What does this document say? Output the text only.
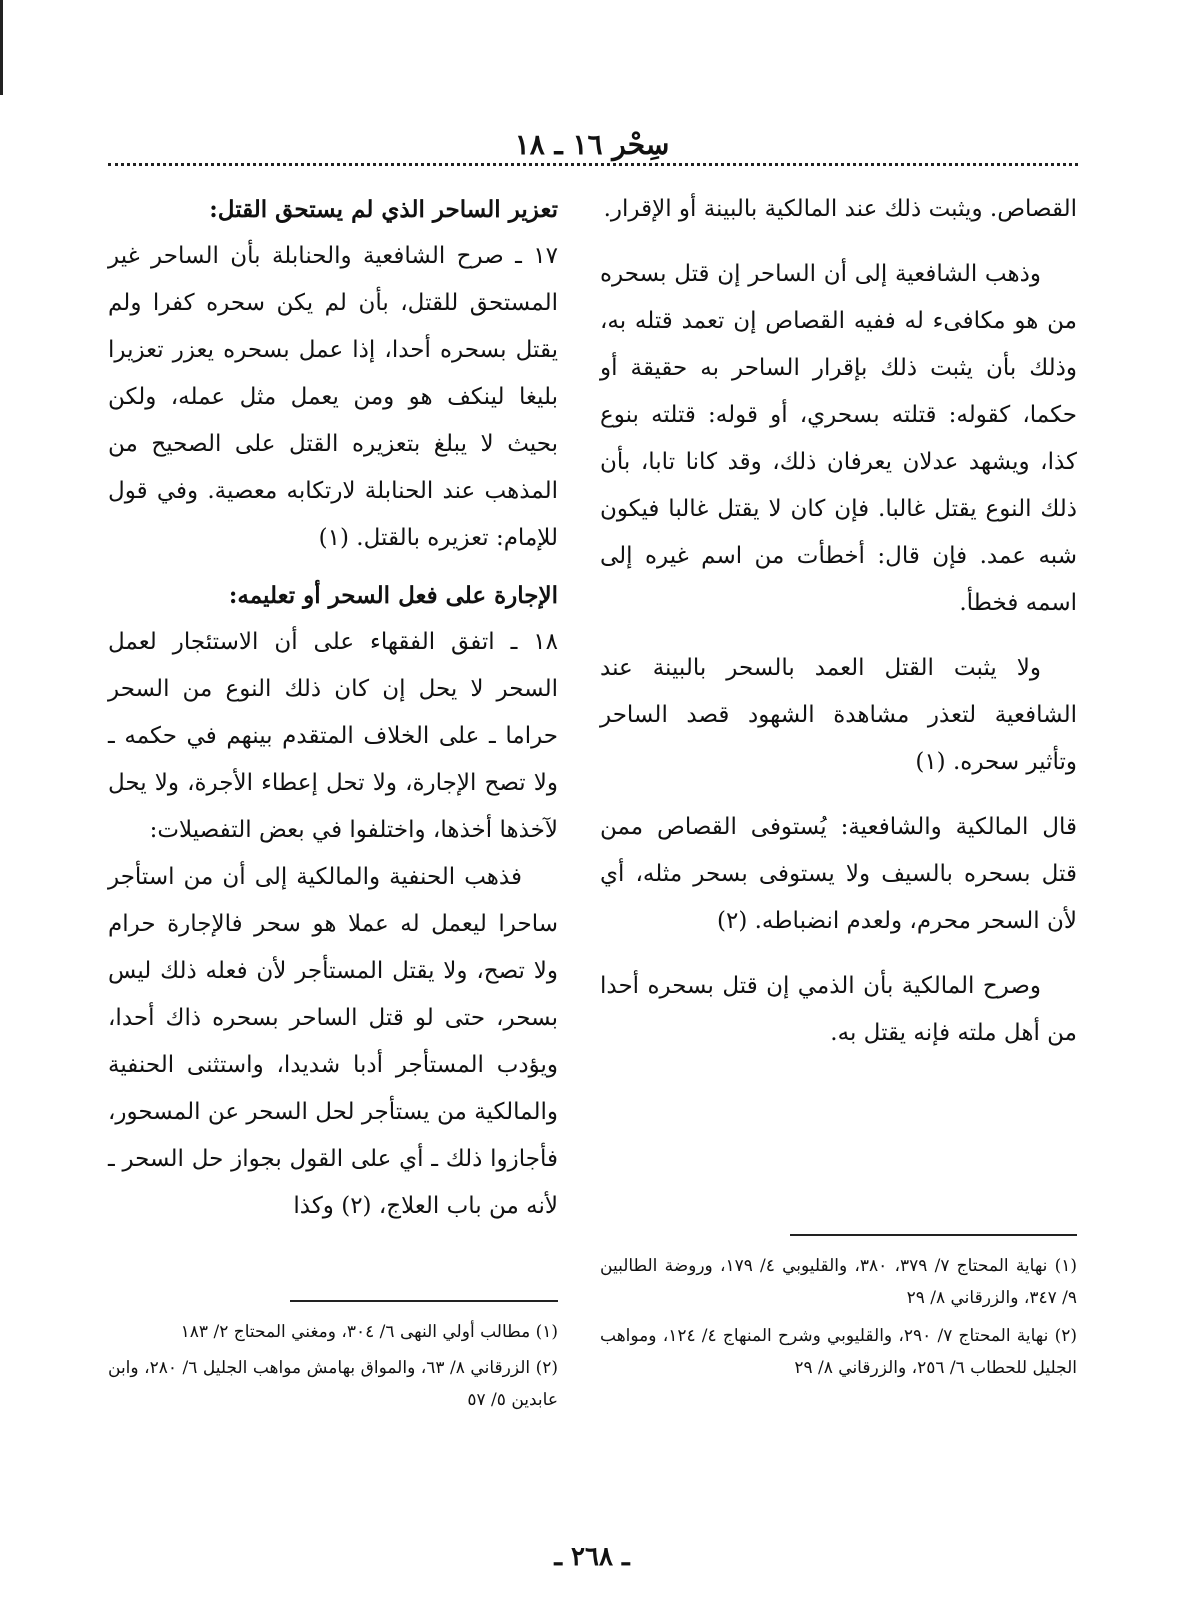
سِحْر ١٦ ـ ١٨

القصاص. ويثبت ذلك عند المالكية بالبينة أو الإقرار.

وذهب الشافعية إلى أن الساحر إن قتل بسحره من هو مكافىء له ففيه القصاص إن تعمد قتله به، وذلك بأن يثبت ذلك بإقرار الساحر به حقيقة أو حكما، كقوله: قتلته بسحري، أو قوله: قتلته بنوع كذا، ويشهد عدلان يعرفان ذلك، وقد كانا تابا، بأن ذلك النوع يقتل غالبا. فإن كان لا يقتل غالبا فيكون شبه عمد. فإن قال: أخطأت من اسم غيره إلى اسمه فخطأ.

ولا يثبت القتل العمد بالسحر بالبينة عند الشافعية لتعذر مشاهدة الشهود قصد الساحر وتأثير سحره. (١)

قال المالكية والشافعية: يُستوفى القصاص ممن قتل بسحره بالسيف ولا يستوفى بسحر مثله، أي لأن السحر محرم، ولعدم انضباطه. (٢)

وصرح المالكية بأن الذمي إن قتل بسحره أحدا من أهل ملته فإنه يقتل به.

(١) نهاية المحتاج ٧/ ٣٧٩، ٣٨٠، والقليوبي ٤/ ١٧٩، وروضة الطالبين ٩/ ٣٤٧، والزرقاني ٨/ ٢٩
(٢) نهاية المحتاج ٧/ ٢٩٠، والقليوبي وشرح المنهاج ٤/ ١٢٤، ومواهب الجليل للحطاب ٦/ ٢٥٦، والزرقاني ٨/ ٢٩

تعزير الساحر الذي لم يستحق القتل:

١٧ ـ صرح الشافعية والحنابلة بأن الساحر غير المستحق للقتل، بأن لم يكن سحره كفرا ولم يقتل بسحره أحدا، إذا عمل بسحره يعزر تعزيرا بليغا لينكف هو ومن يعمل مثل عمله، ولكن بحيث لا يبلغ بتعزيره القتل على الصحيح من المذهب عند الحنابلة لارتكابه معصية. وفي قول للإمام: تعزيره بالقتل. (١)

الإجارة على فعل السحر أو تعليمه:

١٨ ـ اتفق الفقهاء على أن الاستئجار لعمل السحر لا يحل إن كان ذلك النوع من السحر حراما ـ على الخلاف المتقدم بينهم في حكمه ـ ولا تصح الإجارة، ولا تحل إعطاء الأجرة، ولا يحل لآخذها أخذها، واختلفوا في بعض التفصيلات:

فذهب الحنفية والمالكية إلى أن من استأجر ساحرا ليعمل له عملا هو سحر فالإجارة حرام ولا تصح، ولا يقتل المستأجر لأن فعله ذلك ليس بسحر، حتى لو قتل الساحر بسحره ذاك أحدا، ويؤدب المستأجر أدبا شديدا، واستثنى الحنفية والمالكية من يستأجر لحل السحر عن المسحور، فأجازوا ذلك ـ أي على القول بجواز حل السحر ـ لأنه من باب العلاج، (٢) وكذا

(١) مطالب أولي النهى ٦/ ٣٠٤، ومغني المحتاج ٢/ ١٨٣
(٢) الزرقاني ٨/ ٦٣، والمواق بهامش مواهب الجليل ٦/ ٢٨٠، وابن عابدين ٥/ ٥٧
ـ ٢٦٨ ـ
